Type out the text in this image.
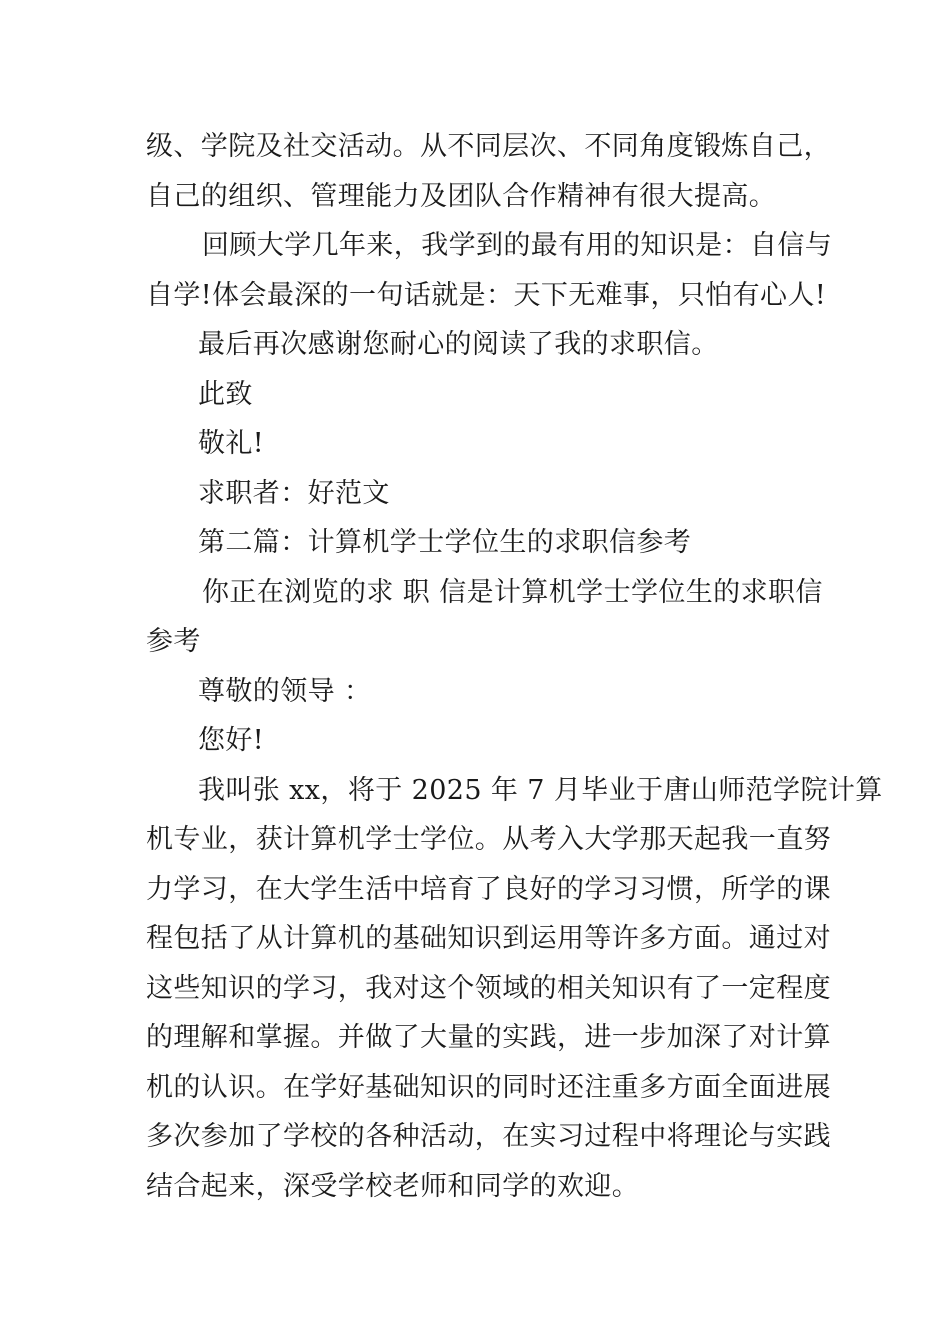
级、学院及社交活动。从不同层次、不同角度锻炼自己，
自己的组织、管理能力及团队合作精神有很大提高。
回顾大学几年来，我学到的最有用的知识是：自信与
自学!体会最深的一句话就是：天下无难事，只怕有心人!
最后再次感谢您耐心的阅读了我的求职信。
此致
敬礼!
求职者：好范文
第二篇：计算机学士学位生的求职信参考
你正在浏览的求 职 信是计算机学士学位生的求职信
参考
尊敬的领导 ：
您好!
我叫张 xx，将于 2025 年 7 月毕业于唐山师范学院计算
机专业，获计算机学士学位。从考入大学那天起我一直努
力学习，在大学生活中培育了良好的学习习惯，所学的课
程包括了从计算机的基础知识到运用等许多方面。通过对
这些知识的学习，我对这个领域的相关知识有了一定程度
的理解和掌握。并做了大量的实践，进一步加深了对计算
机的认识。在学好基础知识的同时还注重多方面全面进展
多次参加了学校的各种活动，在实习过程中将理论与实践
结合起来，深受学校老师和同学的欢迎。
